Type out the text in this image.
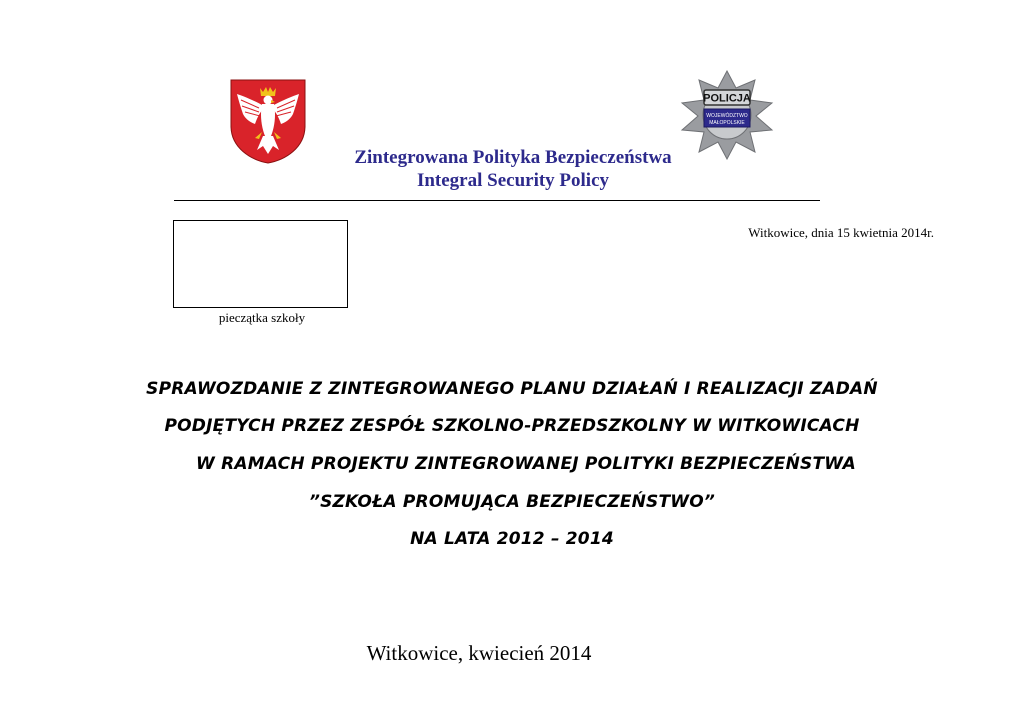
POLICJA
WOJEWÓDZTWO
MAŁOPOLSKIE
Zintegrowana Polityka Bezpieczeństwa
Integral Security Policy
pieczątka szkoły
Witkowice, dnia 15 kwietnia 2014r.
SPRAWOZDANIE Z ZINTEGROWANEGO PLANU DZIAŁAŃ I REALIZACJI ZADAŃ
PODJĘTYCH PRZEZ ZESPÓŁ SZKOLNO-PRZEDSZKOLNY W WITKOWICACH
W RAMACH PROJEKTU ZINTEGROWANEJ POLITYKI BEZPIECZEŃSTWA
”SZKOŁA PROMUJĄCA BEZPIECZEŃSTWO”
NA LATA 2012 – 2014
Witkowice, kwiecień 2014
